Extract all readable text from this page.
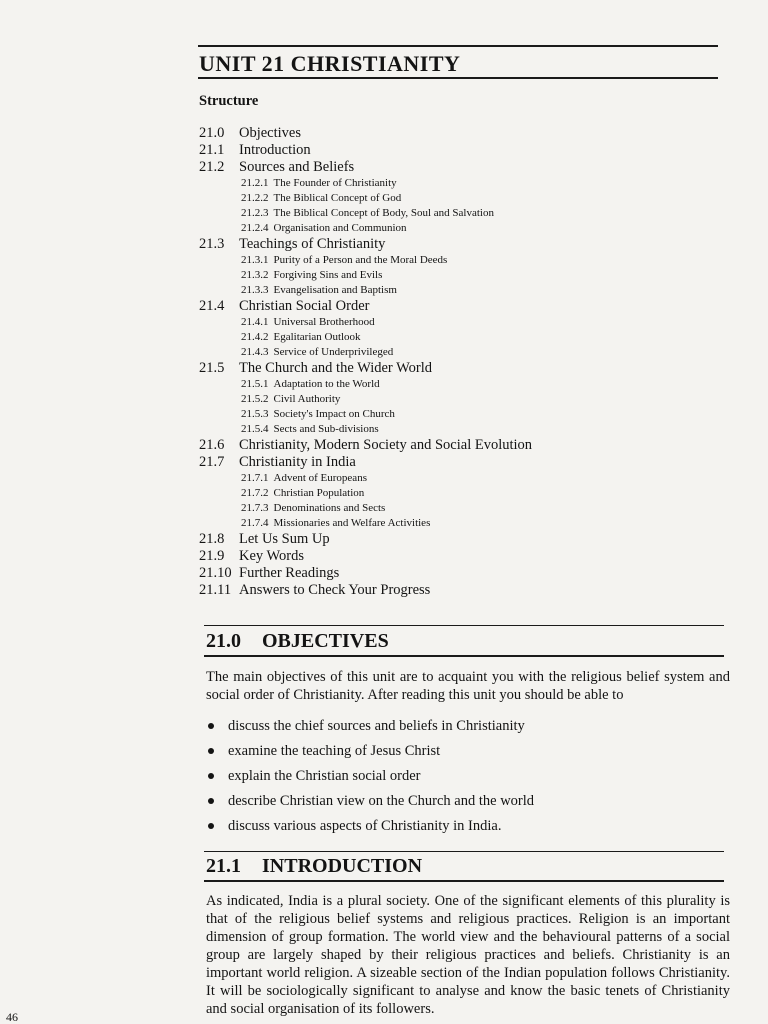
UNIT 21 CHRISTIANITY
Structure
21.0 Objectives
21.1 Introduction
21.2 Sources and Beliefs
21.2.1 The Founder of Christianity
21.2.2 The Biblical Concept of God
21.2.3 The Biblical Concept of Body, Soul and Salvation
21.2.4 Organisation and Communion
21.3 Teachings of Christianity
21.3.1 Purity of a Person and the Moral Deeds
21.3.2 Forgiving Sins and Evils
21.3.3 Evangelisation and Baptism
21.4 Christian Social Order
21.4.1 Universal Brotherhood
21.4.2 Egalitarian Outlook
21.4.3 Service of Underprivileged
21.5 The Church and the Wider World
21.5.1 Adaptation to the World
21.5.2 Civil Authority
21.5.3 Society's Impact on Church
21.5.4 Sects and Sub-divisions
21.6 Christianity, Modern Society and Social Evolution
21.7 Christianity in India
21.7.1 Advent of Europeans
21.7.2 Christian Population
21.7.3 Denominations and Sects
21.7.4 Missionaries and Welfare Activities
21.8 Let Us Sum Up
21.9 Key Words
21.10 Further Readings
21.11 Answers to Check Your Progress
21.0 OBJECTIVES

The main objectives of this unit are to acquaint you with the religious belief system and social order of Christianity. After reading this unit you should be able to

discuss the chief sources and beliefs in Christianity
examine the teaching of Jesus Christ
explain the Christian social order
describe Christian view on the Church and the world
discuss various aspects of Christianity in India.
21.1 INTRODUCTION

As indicated, India is a plural society. One of the significant elements of this plurality is that of the religious belief systems and religious practices. Religion is an important dimension of group formation. The world view and the behavioural patterns of a social group are largely shaped by their religious practices and beliefs. Christianity is an important world religion. A sizeable section of the Indian population follows Christianity. It will be sociologically significant to analyse and know the basic tenets of Christianity and social organisation of its followers.

46
